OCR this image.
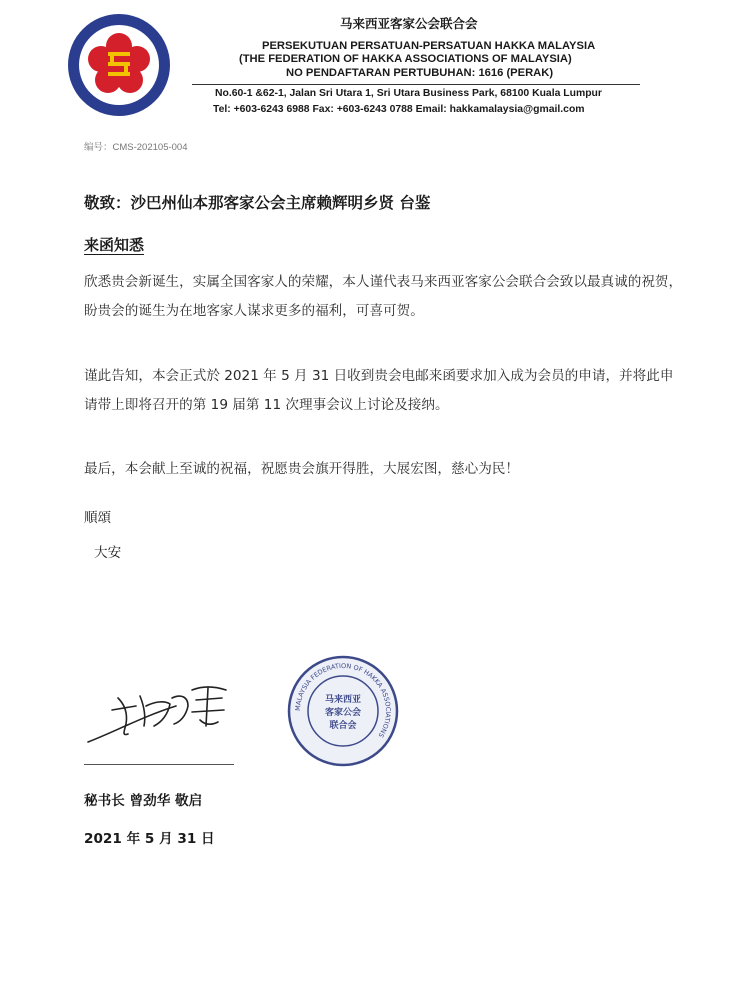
马来西亚客家公会联合会
PERSEKUTUAN PERSATUAN-PERSATUAN HAKKA MALAYSIA
(THE FEDERATION OF HAKKA ASSOCIATIONS OF MALAYSIA)
NO PENDAFTARAN PERTUBUHAN: 1616 (PERAK)
No.60-1 &62-1, Jalan Sri Utara 1, Sri Utara Business Park, 68100 Kuala Lumpur
Tel: +603-6243 6988 Fax: +603-6243 0788 Email: hakkamalaysia@gmail.com
编号：CMS-202105-004
敬致：沙巴州仙本那客家公会主席赖辉明乡贤 台鉴
来函知悉

欣悉贵会新诞生，实属全国客家人的荣耀，本人谨代表马来西亚客家公会联合会致以最真诚的祝贺，盼贵会的诞生为在地客家人谋求更多的福利，可喜可贺。

谨此告知，本会正式於 2021 年 5 月 31 日收到贵会电邮来函要求加入成为会员的申请，并将此申请带上即将召开的第 19 届第 11 次理事会议上讨论及接纳。

最后，本会献上至诚的祝福，祝愿贵会旗开得胜，大展宏图，慈心为民！

順頌
大安
秘书长 曾劲华 敬启
2021 年 5 月 31 日
MALAYSIA FEDERATION OF HAKKA ASSOCIATIONS
马来西亚
客家公会
联合会
